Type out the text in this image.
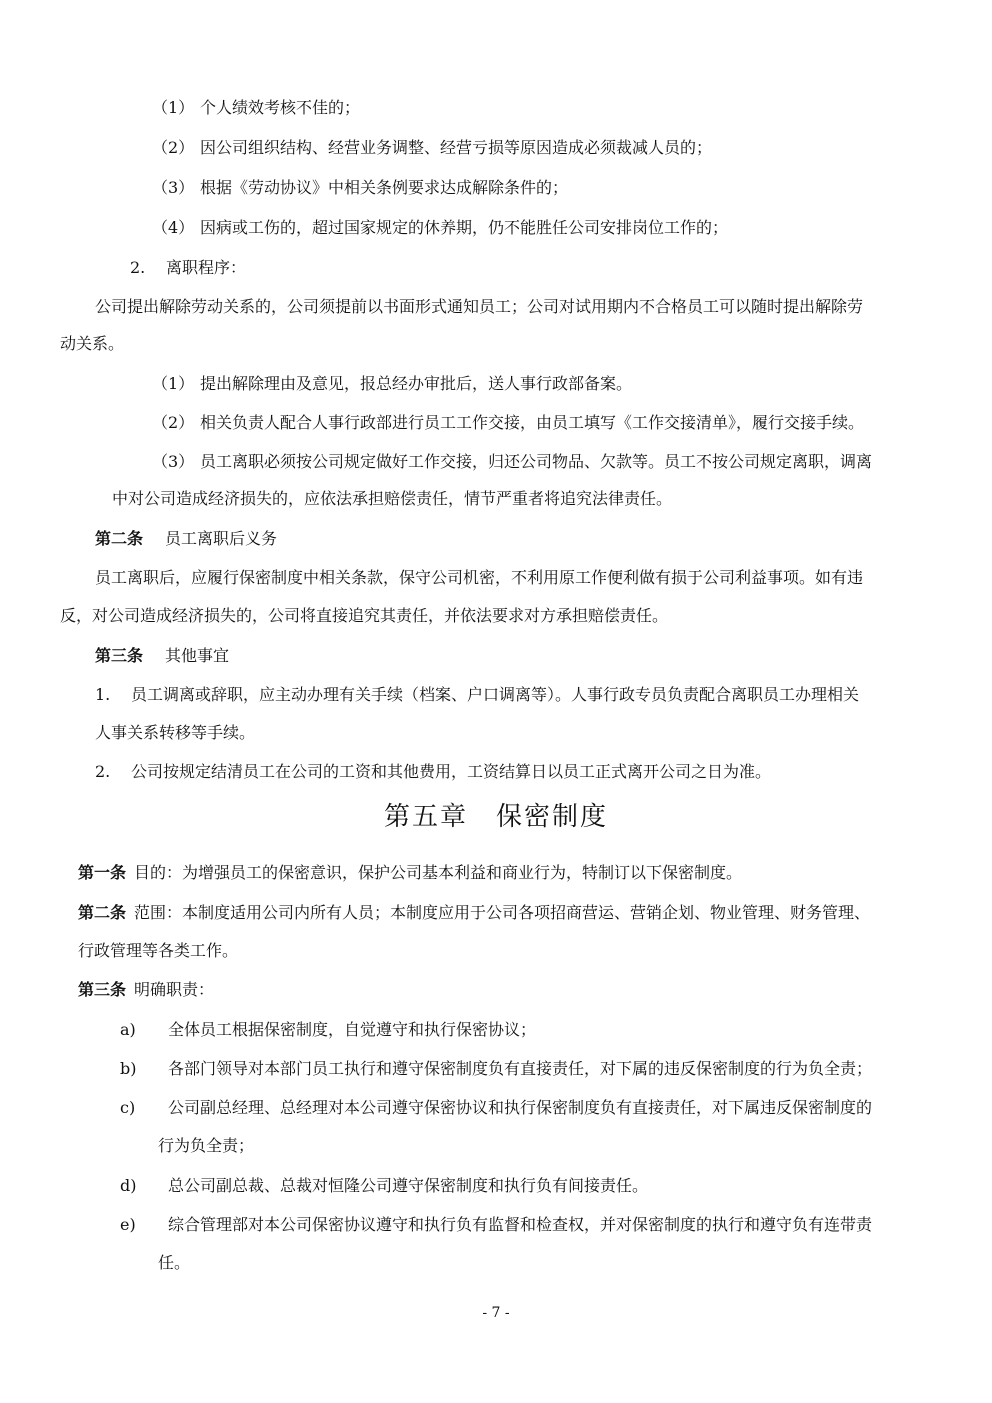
（1） 个人绩效考核不佳的；
（2） 因公司组织结构、经营业务调整、经营亏损等原因造成必须裁减人员的；
（3） 根据《劳动协议》中相关条例要求达成解除条件的；
（4） 因病或工伤的，超过国家规定的休养期，仍不能胜任公司安排岗位工作的；
2. 离职程序：
公司提出解除劳动关系的，公司须提前以书面形式通知员工；公司对试用期内不合格员工可以随时提出解除劳
动关系。
（1） 提出解除理由及意见，报总经办审批后，送人事行政部备案。
（2） 相关负责人配合人事行政部进行员工工作交接，由员工填写《工作交接清单》，履行交接手续。
（3） 员工离职必须按公司规定做好工作交接，归还公司物品、欠款等。员工不按公司规定离职，调离
中对公司造成经济损失的，应依法承担赔偿责任，情节严重者将追究法律责任。
第二条 员工离职后义务
员工离职后，应履行保密制度中相关条款，保守公司机密，不利用原工作便利做有损于公司利益事项。如有违
反，对公司造成经济损失的，公司将直接追究其责任，并依法要求对方承担赔偿责任。
第三条 其他事宜
1. 员工调离或辞职，应主动办理有关手续（档案、户口调离等）。人事行政专员负责配合离职员工办理相关
人事关系转移等手续。
2. 公司按规定结清员工在公司的工资和其他费用，工资结算日以员工正式离开公司之日为准。
第五章　保密制度
第一条 目的：为增强员工的保密意识，保护公司基本利益和商业行为，特制订以下保密制度。
第二条 范围：本制度适用公司内所有人员；本制度应用于公司各项招商营运、营销企划、物业管理、财务管理、
行政管理等各类工作。
第三条 明确职责：
a) 全体员工根据保密制度，自觉遵守和执行保密协议；
b) 各部门领导对本部门员工执行和遵守保密制度负有直接责任，对下属的违反保密制度的行为负全责；
c) 公司副总经理、总经理对本公司遵守保密协议和执行保密制度负有直接责任，对下属违反保密制度的
行为负全责；
d) 总公司副总裁、总裁对恒隆公司遵守保密制度和执行负有间接责任。
e) 综合管理部对本公司保密协议遵守和执行负有监督和检查权，并对保密制度的执行和遵守负有连带责
任。
- 7 -
